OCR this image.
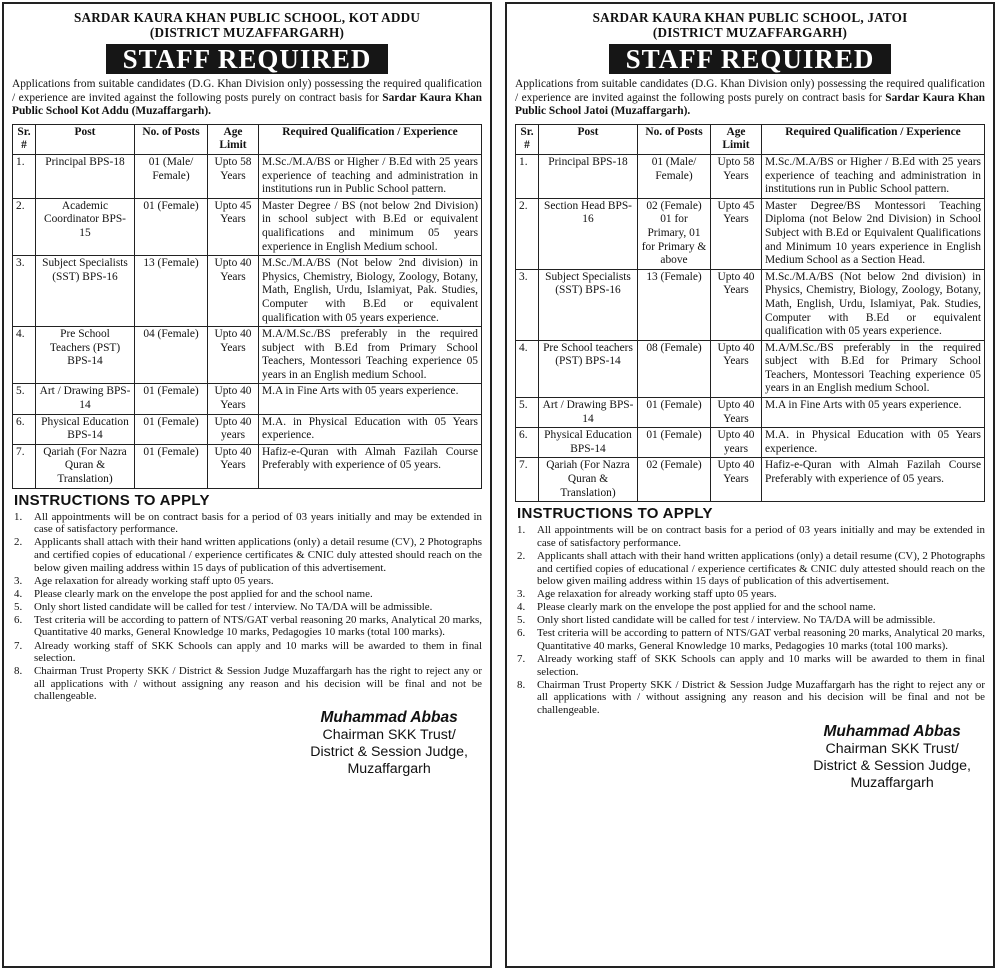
SARDAR KAURA KHAN PUBLIC SCHOOL, KOT ADDU
(DISTRICT MUZAFFARGARH)
STAFF REQUIRED

Applications from suitable candidates (D.G. Khan Division only) possessing the required qualification / experience are invited against the following posts purely on contract basis for Sardar Kaura Khan Public School Kot Addu (Muzaffargarh).

Sr. #	Post	No. of Posts	Age Limit	Required Qualification / Experience
1.	Principal BPS-18	01 (Male/ Female)	Upto 58 Years	M.Sc./M.A/BS or Higher / B.Ed with 25 years experience of teaching and administration in institutions run in Public School pattern.
2.	Academic Coordinator BPS-15	01 (Female)	Upto 45 Years	Master Degree / BS (not below 2nd Division) in school subject with B.Ed or equivalent qualifications and minimum 05 years experience in English Medium school.
3.	Subject Specialists (SST) BPS-16	13 (Female)	Upto 40 Years	M.Sc./M.A/BS (Not below 2nd division) in Physics, Chemistry, Biology, Zoology, Botany, Math, English, Urdu, Islamiyat, Pak. Studies, Computer with B.Ed or equivalent qualification with 05 years experience.
4.	Pre School Teachers (PST) BPS-14	04 (Female)	Upto 40 Years	M.A/M.Sc./BS preferably in the required subject with B.Ed from Primary School Teachers, Montessori Teaching experience 05 years in an English medium School.
5.	Art / Drawing BPS-14	01 (Female)	Upto 40 Years	M.A in Fine Arts with 05 years experience.
6.	Physical Education BPS-14	01 (Female)	Upto 40 years	M.A. in Physical Education with 05 Years experience.
7.	Qariah (For Nazra Quran & Translation)	01 (Female)	Upto 40 Years	Hafiz-e-Quran with Almah Fazilah Course Preferably with experience of 05 years.
INSTRUCTIONS TO APPLY
1.	All appointments will be on contract basis for a period of 03 years initially and may be extended in case of satisfactory performance.
2.	Applicants shall attach with their hand written applications (only) a detail resume (CV), 2 Photographs and certified copies of educational / experience certificates & CNIC duly attested should reach on the below given mailing address within 15 days of publication of this advertisement.
3.	Age relaxation for already working staff upto 05 years.
4.	Please clearly mark on the envelope the post applied for and the school name.
5.	Only short listed candidate will be called for test / interview. No TA/DA will be admissible.
6.	Test criteria will be according to pattern of NTS/GAT verbal reasoning 20 marks, Analytical 20 marks, Quantitative 40 marks, General Knowledge 10 marks, Pedagogies 10 marks (total 100 marks).
7.	Already working staff of SKK Schools can apply and 10 marks will be awarded to them in final selection.
8.	Chairman Trust Property SKK / District & Session Judge Muzaffargarh has the right to reject any or all applications with / without assigning any reason and his decision will be final and not be challengeable.
Muhammad Abbas
Chairman SKK Trust/
District & Session Judge,
Muzaffargarh
SARDAR KAURA KHAN PUBLIC SCHOOL, JATOI
(DISTRICT MUZAFFARGARH)
STAFF REQUIRED

Applications from suitable candidates (D.G. Khan Division only) possessing the required qualification / experience are invited against the following posts purely on contract basis for Sardar Kaura Khan Public School Jatoi (Muzaffargarh).

Sr. #	Post	No. of Posts	Age Limit	Required Qualification / Experience
1.	Principal BPS-18	01 (Male/ Female)	Upto 58 Years	M.Sc./M.A/BS or Higher / B.Ed with 25 years experience of teaching and administration in institutions run in Public School pattern.
2.	Section Head BPS-16	02 (Female) 01 for Primary, 01 for Primary & above	Upto 45 Years	Master Degree/BS Montessori Teaching Diploma (not Below 2nd Division) in School Subject with B.Ed or Equivalent Qualifications and Minimum 10 years experience in English Medium School as a Section Head.
3.	Subject Specialists (SST) BPS-16	13 (Female)	Upto 40 Years	M.Sc./M.A/BS (Not below 2nd division) in Physics, Chemistry, Biology, Zoology, Botany, Math, English, Urdu, Islamiyat, Pak. Studies, Computer with B.Ed or equivalent qualification with 05 years experience.
4.	Pre School teachers (PST) BPS-14	08 (Female)	Upto 40 Years	M.A/M.Sc./BS preferably in the required subject with B.Ed for Primary School Teachers, Montessori Teaching experience 05 years in an English medium School.
5.	Art / Drawing BPS-14	01 (Female)	Upto 40 Years	M.A in Fine Arts with 05 years experience.
6.	Physical Education BPS-14	01 (Female)	Upto 40 years	M.A. in Physical Education with 05 Years experience.
7.	Qariah (For Nazra Quran & Translation)	02 (Female)	Upto 40 Years	Hafiz-e-Quran with Almah Fazilah Course Preferably with experience of 05 years.
INSTRUCTIONS TO APPLY
1.	All appointments will be on contract basis for a period of 03 years initially and may be extended in case of satisfactory performance.
2.	Applicants shall attach with their hand written applications (only) a detail resume (CV), 2 Photographs and certified copies of educational / experience certificates & CNIC duly attested should reach on the below given mailing address within 15 days of publication of this advertisement.
3.	Age relaxation for already working staff upto 05 years.
4.	Please clearly mark on the envelope the post applied for and the school name.
5.	Only short listed candidate will be called for test / interview. No TA/DA will be admissible.
6.	Test criteria will be according to pattern of NTS/GAT verbal reasoning 20 marks, Analytical 20 marks, Quantitative 40 marks, General Knowledge 10 marks, Pedagogies 10 marks (total 100 marks).
7.	Already working staff of SKK Schools can apply and 10 marks will be awarded to them in final selection.
8.	Chairman Trust Property SKK / District & Session Judge Muzaffargarh has the right to reject any or all applications with / without assigning any reason and his decision will be final and not be challengeable.
Muhammad Abbas
Chairman SKK Trust/
District & Session Judge,
Muzaffargarh
